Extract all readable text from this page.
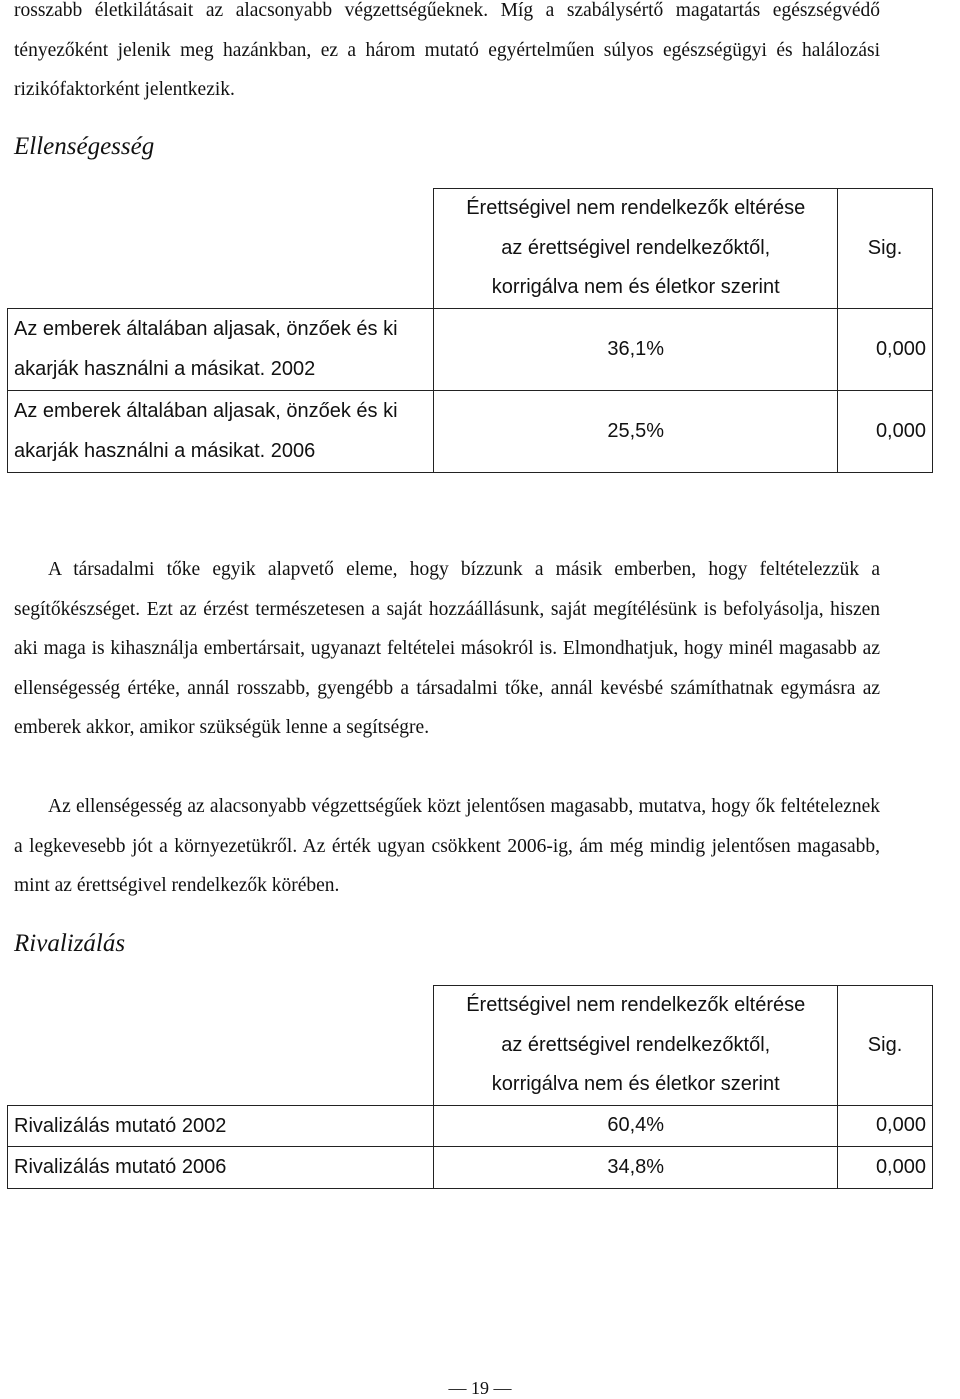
rosszabb életkilátásait az alacsonyabb végzettségűeknek. Míg a szabálysértő magatartás egészségvédő tényezőként jelenik meg hazánkban, ez a három mutató egyértelműen súlyos egészségügyi és halálozási rizikófaktorként jelentkezik.

Ellenségesség
	Érettségivel nem rendelkezők eltérése az érettségivel rendelkezőktől, korrigálva nem és életkor szerint	Sig.
Az emberek általában aljasak, önzőek és ki akarják használni a másikat. 2002	36,1%	0,000
Az emberek általában aljasak, önzőek és ki akarják használni a másikat. 2006	25,5%	0,000

A társadalmi tőke egyik alapvető eleme, hogy bízzunk a másik emberben, hogy feltételezzük a segítőkészséget. Ezt az érzést természetesen a saját hozzáállásunk, saját megítélésünk is befolyásolja, hiszen aki maga is kihasználja embertársait, ugyanazt feltételei másokról is. Elmondhatjuk, hogy minél magasabb az ellenségesség értéke, annál rosszabb, gyengébb a társadalmi tőke, annál kevésbé számíthatnak egymásra az emberek akkor, amikor szükségük lenne a segítségre.

Az ellenségesség az alacsonyabb végzettségűek közt jelentősen magasabb, mutatva, hogy ők feltételeznek a legkevesebb jót a környezetükről. Az érték ugyan csökkent 2006-ig, ám még mindig jelentősen magasabb, mint az érettségivel rendelkezők körében.

Rivalizálás
	Érettségivel nem rendelkezők eltérése az érettségivel rendelkezőktől, korrigálva nem és életkor szerint	Sig.
Rivalizálás mutató 2002	60,4%	0,000
Rivalizálás mutató 2006	34,8%	0,000
— 19 —
